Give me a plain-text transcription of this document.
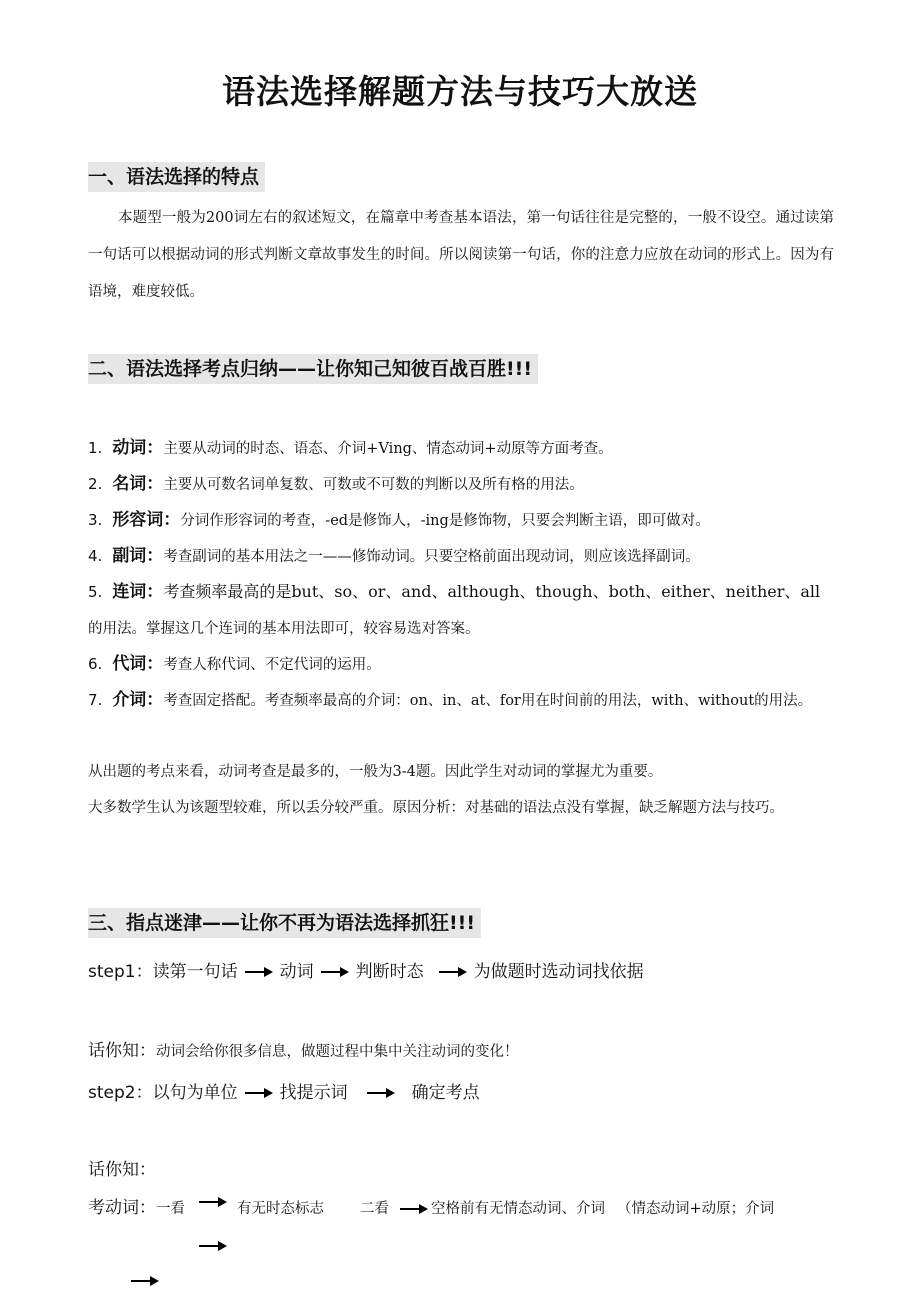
语法选择解题方法与技巧大放送
一、语法选择的特点

本题型一般为200词左右的叙述短文，在篇章中考查基本语法，第一句话往往是完整的，一般不设空。通过读第一句话可以根据动词的形式判断文章故事发生的时间。所以阅读第一句话，你的注意力应放在动词的形式上。因为有语境，难度较低。

二、语法选择考点归纳——让你知己知彼百战百胜!!!

1. 动词：主要从动词的时态、语态、介词+Ving、情态动词+动原等方面考查。

2. 名词：主要从可数名词单复数、可数或不可数的判断以及所有格的用法。

3. 形容词：分词作形容词的考查，-ed是修饰人，-ing是修饰物，只要会判断主语，即可做对。

4. 副词：考查副词的基本用法之一——修饰动词。只要空格前面出现动词，则应该选择副词。

5. 连词：考查频率最高的是but、so、or、and、although、though、both、either、neither、all的用法。掌握这几个连词的基本用法即可，较容易选对答案。

6. 代词：考查人称代词、不定代词的运用。

7. 介词：考查固定搭配。考查频率最高的介词：on、in、at、for用在时间前的用法，with、without的用法。

从出题的考点来看，动词考查是最多的，一般为3-4题。因此学生对动词的掌握尤为重要。

大多数学生认为该题型较难，所以丢分较严重。原因分析：对基础的语法点没有掌握，缺乏解题方法与技巧。

三、指点迷津——让你不再为语法选择抓狂!!!

step1：读第一句话 动词 判断时态	为做题时选动词找依据

话你知：动词会给你很多信息，做题过程中集中关注动词的变化！

step2：以句为单位 找提示词	确定考点

话你知：

考动词：一看	有无时态标志 二看	空格前有无情态动词、介词 （情态动词+动原；介词
